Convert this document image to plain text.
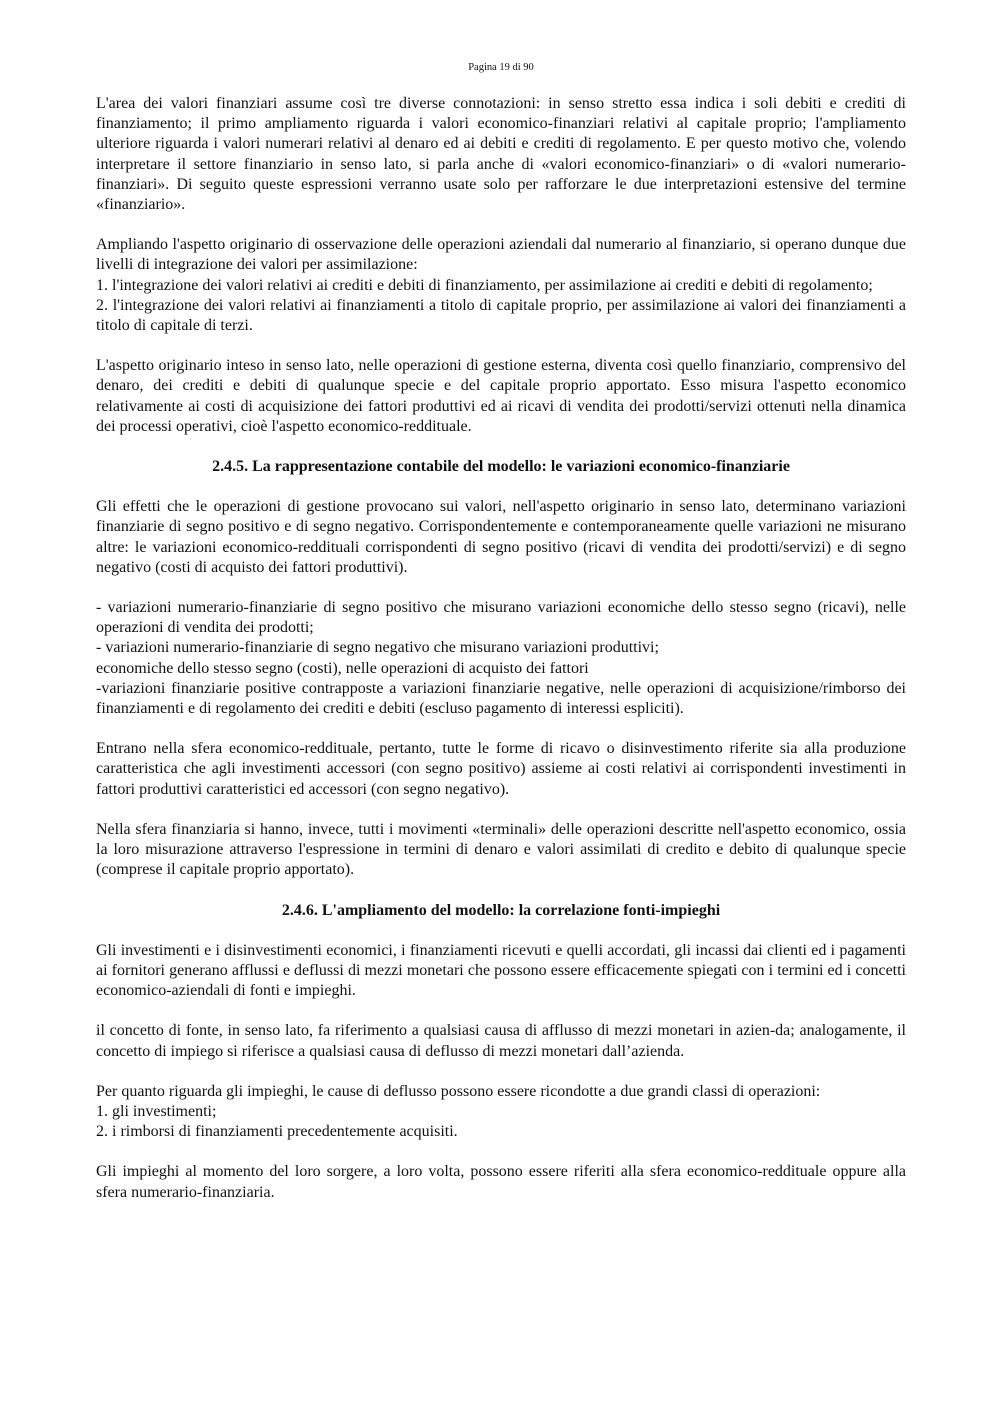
Pagina 19 di 90

L'area dei valori finanziari assume così tre diverse connotazioni: in senso stretto essa indica i soli debiti e crediti di finanziamento; il primo ampliamento riguarda i valori economico-finanziari relativi al capitale proprio; l'ampliamento ulteriore riguarda i valori numerari relativi al denaro ed ai debiti e crediti di regolamento. E per questo motivo che, volendo interpretare il settore finanziario in senso lato, si parla anche di «valori economico-finanziari» o di «valori numerario-finanziari». Di seguito queste espressioni verranno usate solo per rafforzare le due interpretazioni estensive del termine «finanziario».

Ampliando l'aspetto originario di osservazione delle operazioni aziendali dal numerario al finanziario, si operano dunque due livelli di integrazione dei valori per assimilazione:

1. l'integrazione dei valori relativi ai crediti e debiti di finanziamento, per assimilazione ai crediti e debiti di regolamento;

2. l'integrazione dei valori relativi ai finanziamenti a titolo di capitale proprio, per assimilazione ai valori dei finanziamenti a titolo di capitale di terzi.

L'aspetto originario inteso in senso lato, nelle operazioni di gestione esterna, diventa così quello finanziario, comprensivo del denaro, dei crediti e debiti di qualunque specie e del capitale proprio apportato. Esso misura l'aspetto economico relativamente ai costi di acquisizione dei fattori produttivi ed ai ricavi di vendita dei prodotti/servizi ottenuti nella dinamica dei processi operativi, cioè l'aspetto economico-reddituale.

2.4.5. La rappresentazione contabile del modello: le variazioni economico-finanziarie

Gli effetti che le operazioni di gestione provocano sui valori, nell'aspetto originario in senso lato, determinano variazioni finanziarie di segno positivo e di segno negativo. Corrispondentemente e contemporaneamente quelle variazioni ne misurano altre: le variazioni economico-reddituali corrispondenti di segno positivo (ricavi di vendita dei prodotti/servizi) e di segno negativo (costi di acquisto dei fattori produttivi).

- variazioni numerario-finanziarie di segno positivo che misurano variazioni economiche dello stesso segno (ricavi), nelle operazioni di vendita dei prodotti;

- variazioni numerario-finanziarie di segno negativo che misurano variazioni produttivi;

economiche dello stesso segno (costi), nelle operazioni di acquisto dei fattori

-variazioni finanziarie positive contrapposte a variazioni finanziarie negative, nelle operazioni di acquisizione/rimborso dei finanziamenti e di regolamento dei crediti e debiti (escluso pagamento di interessi espliciti).

Entrano nella sfera economico-reddituale, pertanto, tutte le forme di ricavo o disinvestimento riferite sia alla produzione caratteristica che agli investimenti accessori (con segno positivo) assieme ai costi relativi ai corrispondenti investimenti in fattori produttivi caratteristici ed accessori (con segno negativo).

Nella sfera finanziaria si hanno, invece, tutti i movimenti «terminali» delle operazioni descritte nell'aspetto economico, ossia la loro misurazione attraverso l'espressione in termini di denaro e valori assimilati di credito e debito di qualunque specie (comprese il capitale proprio apportato).

2.4.6. L'ampliamento del modello: la correlazione fonti-impieghi

Gli investimenti e i disinvestimenti economici, i finanziamenti ricevuti e quelli accordati, gli incassi dai clienti ed i pagamenti ai fornitori generano afflussi e deflussi di mezzi monetari che possono essere efficacemente spiegati con i termini ed i concetti economico-aziendali di fonti e impieghi.

il concetto di fonte, in senso lato, fa riferimento a qualsiasi causa di afflusso di mezzi monetari in azien-da; analogamente, il concetto di impiego si riferisce a qualsiasi causa di deflusso di mezzi monetari dall’azienda.

Per quanto riguarda gli impieghi, le cause di deflusso possono essere ricondotte a due grandi classi di operazioni:

1. gli investimenti;

2. i rimborsi di finanziamenti precedentemente acquisiti.

Gli impieghi al momento del loro sorgere, a loro volta, possono essere riferiti alla sfera economico-reddituale oppure alla sfera numerario-finanziaria.
